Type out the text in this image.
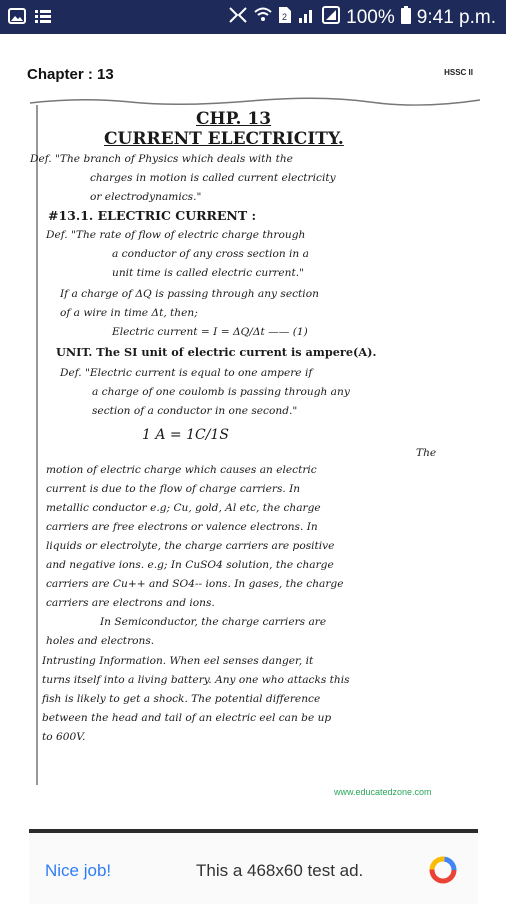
2	100% 9:41 p.m.
Chapter : 13	HSSC II
CHP. 13
CURRENT ELECTRICITY.
Def. "The branch of Physics which deals with the
charges in motion is called current electricity
or electrodynamics."
#13.1. ELECTRIC CURRENT :
Def. "The rate of flow of electric charge through
a conductor of any cross section in a
unit time is called electric current."
If a charge of ΔQ is passing through any section
of a wire in time Δt, then;
Electric current = I = ΔQ/Δt —— (1)
UNIT. The SI unit of electric current is ampere(A).
Def. "Electric current is equal to one ampere if
a charge of one coulomb is passing through any
section of a conductor in one second."
1 A = 1C/1S
The
motion of electric charge which causes an electric
current is due to the flow of charge carriers. In
metallic conductor e.g; Cu, gold, Al etc, the charge
carriers are free electrons or valence electrons. In
liquids or electrolyte, the charge carriers are positive
and negative ions. e.g; In CuSO4 solution, the charge
carriers are Cu++ and SO4-- ions. In gases, the charge
carriers are electrons and ions.
In Semiconductor, the charge carriers are
holes and electrons.
Intrusting Information. When eel senses danger, it
turns itself into a living battery. Any one who attacks this
fish is likely to get a shock. The potential difference
between the head and tail of an electric eel can be up
to 600V.
www.educatedzone.com
Nice job!	This a 468x60 test ad.
